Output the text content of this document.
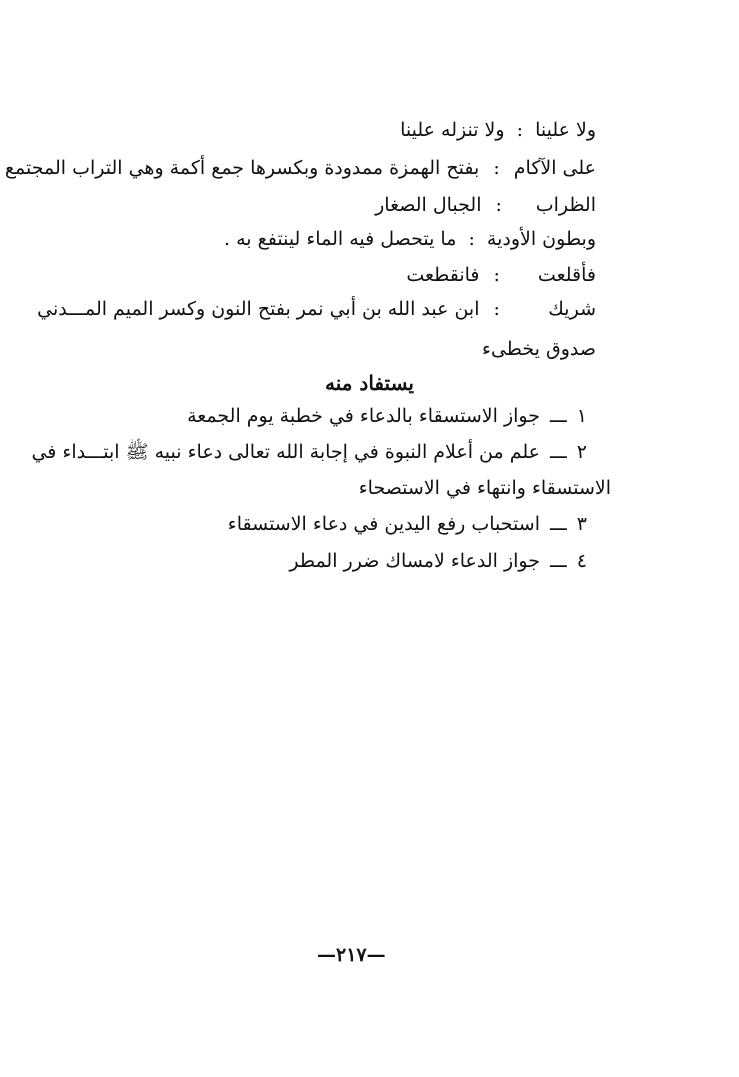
ولا علينا : ولا تنزله علينا
على الآكام : بفتح الهمزة ممدودة وبكسرها جمع أكمة وهي التراب المجتمع
الظراب : الجبال الصغار
وبطون الأودية : ما يتحصل فيه الماء لينتفع به .
فأقلعت : فانقطعت
شريك : ابن عبد الله بن أبي نمر بفتح النون وكسر الميم المـــدني
صدوق يخطىء
يستفاد منه
١ ـــ جواز الاستسقاء بالدعاء في خطبة يوم الجمعة
٢ ـــ علم من أعلام النبوة في إجابة الله تعالى دعاء نبيه ﷺ ابتـــداء في
الاستسقاء وانتهاء في الاستصحاء
٣ ـــ استحباب رفع اليدين في دعاء الاستسقاء
٤ ـــ جواز الدعاء لامساك ضرر المطر
—٢١٧—
